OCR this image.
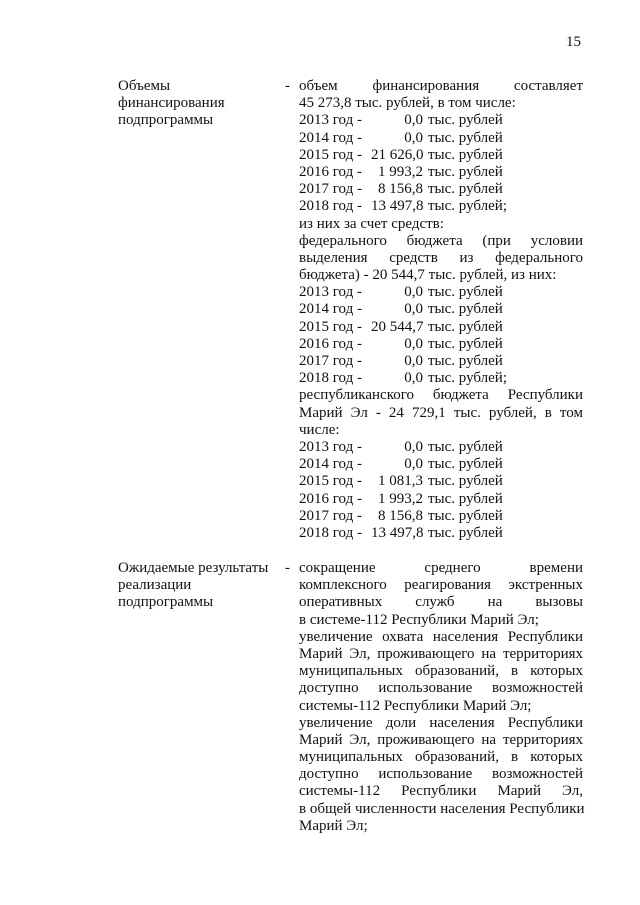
15
Объемы
финансирования
подпрограммы
- объем финансирования составляет
45 273,8 тыс. рублей, в том числе:
2013 год -	0,0 тыс. рублей
2014 год -	0,0 тыс. рублей
2015 год - 21 626,0 тыс. рублей
2016 год -	1 993,2 тыс. рублей
2017 год -	8 156,8 тыс. рублей
2018 год - 13 497,8 тыс. рублей;
из них за счет средств:
федерального бюджета (при условии
выделения средств из федерального
бюджета) - 20 544,7 тыс. рублей, из них:
2013 год -	0,0 тыс. рублей
2014 год -	0,0 тыс. рублей
2015 год - 20 544,7 тыс. рублей
2016 год -	0,0 тыс. рублей
2017 год -	0,0 тыс. рублей
2018 год -	0,0 тыс. рублей;
республиканского бюджета Республики
Марий Эл - 24 729,1 тыс. рублей, в том
числе:
2013 год -	0,0 тыс. рублей
2014 год -	0,0 тыс. рублей
2015 год -	1 081,3 тыс. рублей
2016 год -	1 993,2 тыс. рублей
2017 год -	8 156,8 тыс. рублей
2018 год - 13 497,8 тыс. рублей
Ожидаемые результаты
реализации
подпрограммы
- сокращение среднего времени
комплексного реагирования экстренных
оперативных служб на вызовы
в системе-112 Республики Марий Эл;
увеличение охвата населения Республики
Марий Эл, проживающего на территориях
муниципальных образований, в которых
доступно использование возможностей
системы-112 Республики Марий Эл;
увеличение доли населения Республики
Марий Эл, проживающего на территориях
муниципальных образований, в которых
доступно использование возможностей
системы-112 Республики Марий Эл,
в общей численности населения Республики
Марий Эл;
